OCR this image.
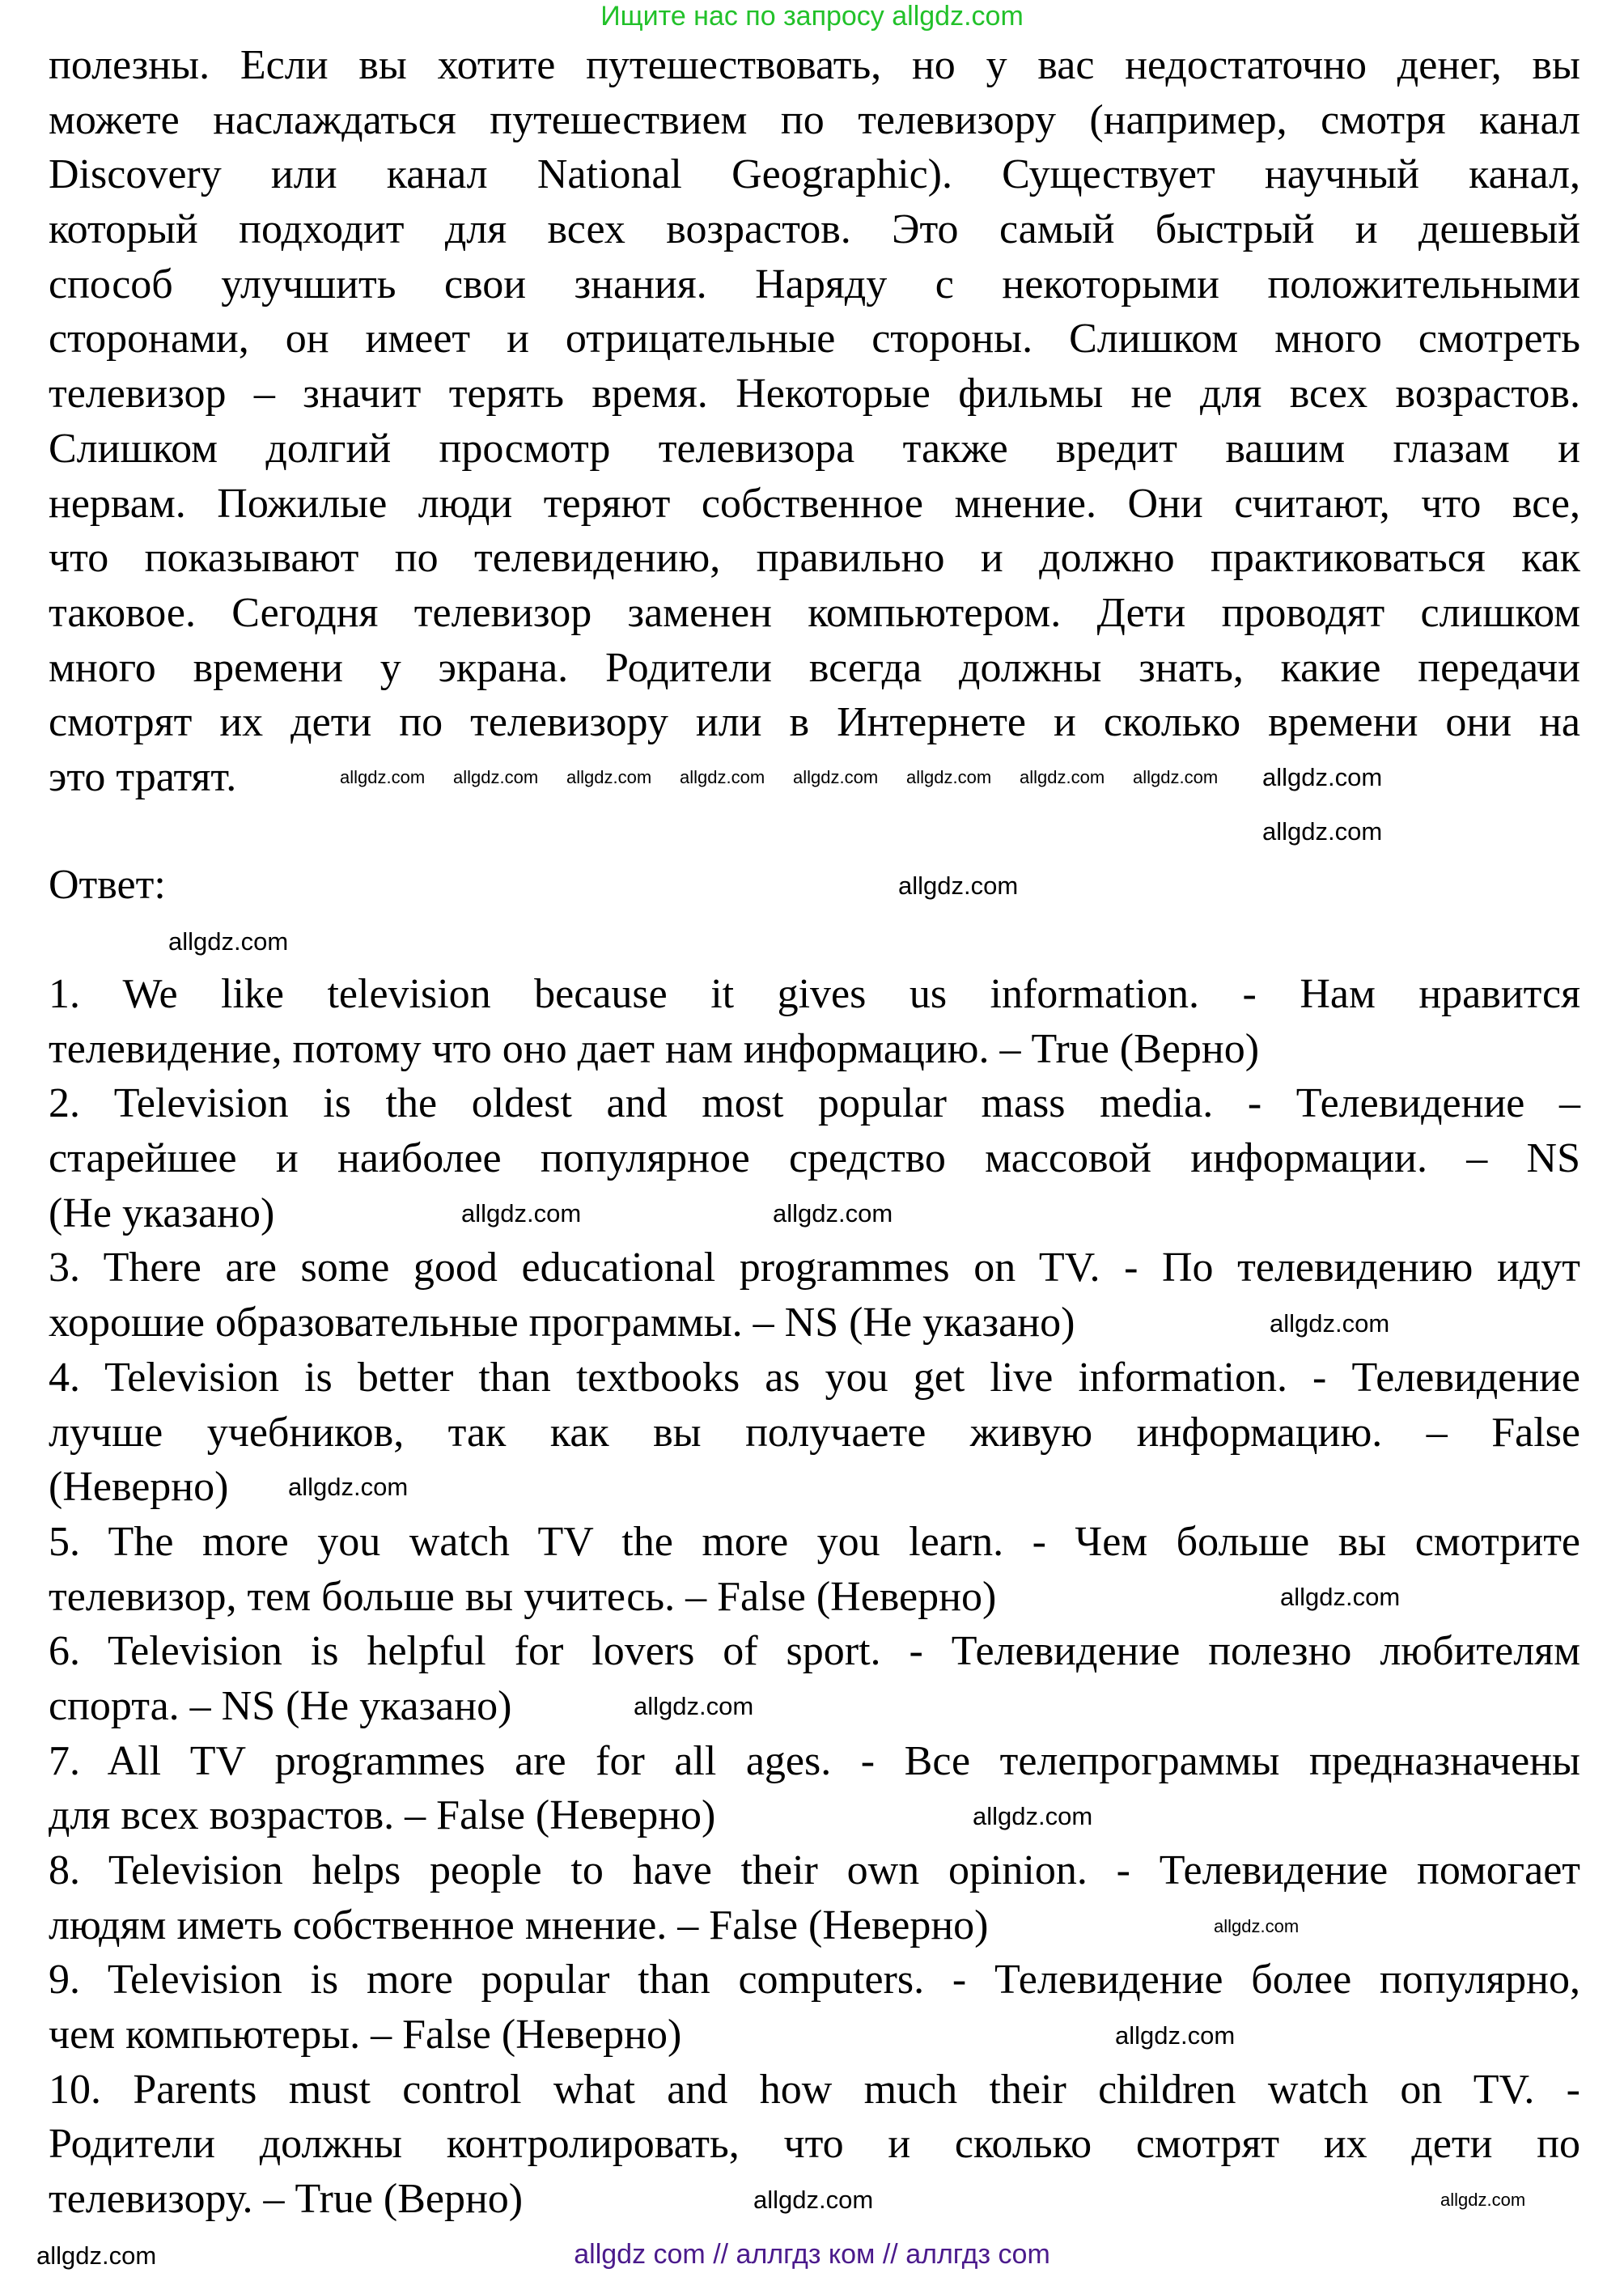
Ищите нас по запросу allgdz.com
полезны. Если вы хотите путешествовать, но у вас недостаточно денег, вы
можете наслаждаться путешествием по телевизору (например, смотря канал
Discovery или канал National Geographic). Существует научный канал,
который подходит для всех возрастов. Это самый быстрый и дешевый
способ улучшить свои знания. Наряду с некоторыми положительными
сторонами, он имеет и отрицательные стороны. Слишком много смотреть
телевизор – значит терять время. Некоторые фильмы не для всех возрастов.
Слишком долгий просмотр телевизора также вредит вашим глазам и
нервам. Пожилые люди теряют собственное мнение. Они считают, что все,
что показывают по телевидению, правильно и должно практиковаться как
таковое. Сегодня телевизор заменен компьютером. Дети проводят слишком
много времени у экрана. Родители всегда должны знать, какие передачи
смотрят их дети по телевизору или в Интернете и сколько времени они на
это тратят.
Ответ:
1. We like television because it gives us information. - Нам нравится
телевидение, потому что оно дает нам информацию. – True (Верно)
2. Television is the oldest and most popular mass media. - Телевидение –
старейшее и наиболее популярное средство массовой информации. – NS
(Не указано)
3. There are some good educational programmes on TV. - По телевидению идут
хорошие образовательные программы. – NS (Не указано)
4. Television is better than textbooks as you get live information. - Телевидение
лучше учебников, так как вы получаете живую информацию. – False
(Неверно)
5. The more you watch TV the more you learn. - Чем больше вы смотрите
телевизор, тем больше вы учитесь. – False (Неверно)
6. Television is helpful for lovers of sport. - Телевидение полезно любителям
спорта. – NS (Не указано)
7. All TV programmes are for all ages. - Все телепрограммы предназначены
для всех возрастов. – False (Неверно)
8. Television helps people to have their own opinion. - Телевидение помогает
людям иметь собственное мнение. – False (Неверно)
9. Television is more popular than computers. - Телевидение более популярно,
чем компьютеры. – False (Неверно)
10. Parents must control what and how much their children watch on TV. -
Родители должны контролировать, что и сколько смотрят их дети по
телевизору. – True (Верно)
allgdz.com allgdz.com allgdz.com allgdz.com allgdz.com allgdz.com allgdz.com allgdz.com allgdz.com
allgdz.com
allgdz.com
allgdz.com
allgdz.com	allgdz.com
allgdz.com
allgdz.com
allgdz.com
allgdz.com
allgdz.com
allgdz.com
allgdz.com
allgdz.com
allgdz.com
allgdz.com	allgdz com // аллгдз ком // аллгдз com
